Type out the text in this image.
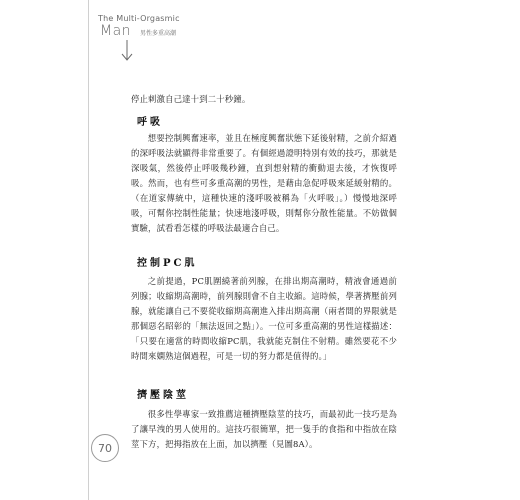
The Multi-Orgasmic
Man 男性多重高潮

停止刺激自己達十到二十秒鐘。

呼吸

想要控制興奮速率，並且在極度興奮狀態下延後射精，之前介紹過的深呼吸法就顯得非常重要了。有個經過證明特別有效的技巧，那就是深吸氣，然後停止呼吸幾秒鐘，直到想射精的衝動退去後，才恢復呼吸。然而，也有些可多重高潮的男性，是藉由急促呼吸來延緩射精的。（在道家傳統中，這種快速的淺呼吸被稱為「火呼吸」。）慢慢地深呼吸，可幫你控制性能量；快速地淺呼吸，則幫你分散性能量。不妨做個實驗，試看看怎樣的呼吸法最適合自己。

控制PC肌

之前提過，PC肌圍繞著前列腺，在排出期高潮時，精液會通過前列腺；收縮期高潮時，前列腺則會不自主收縮。這時候，學著擠壓前列腺，就能讓自己不要從收縮期高潮進入排出期高潮（兩者間的界限就是那個惡名昭彰的「無法返回之點」）。一位可多重高潮的男性這樣描述：「只要在適當的時間收縮PC肌，我就能克制住不射精。雖然要花不少時間來嫻熟這個過程，可是一切的努力都是值得的。」

擠壓陰莖

很多性學專家一致推薦這種擠壓陰莖的技巧，而最初此一技巧是為了讓早洩的男人使用的。這技巧很簡單，把一隻手的食指和中指放在陰莖下方，把拇指放在上面，加以擠壓（見圖8A）。

70
